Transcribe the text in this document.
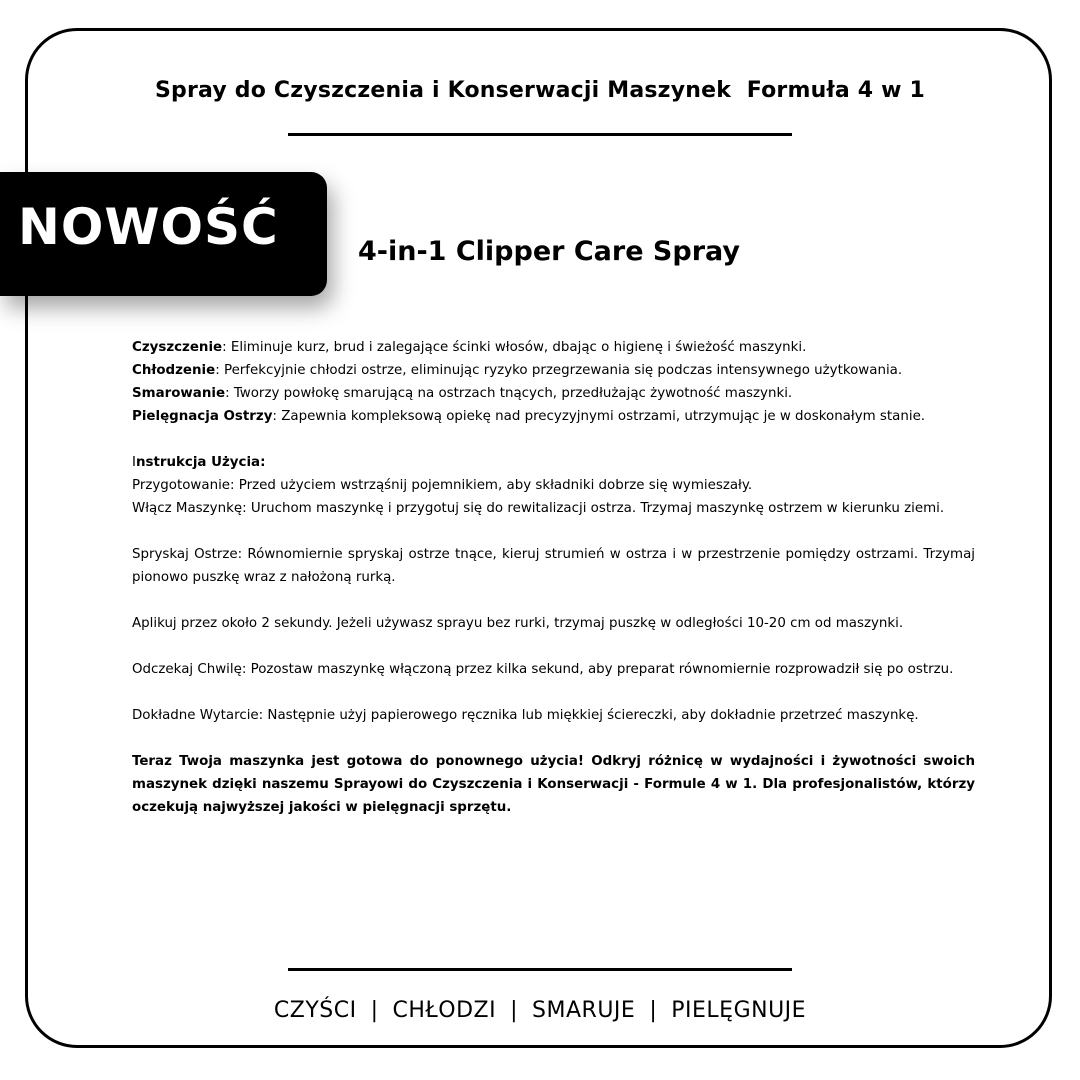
Spray do Czyszczenia i Konserwacji Maszynek  Formuła 4 w 1
NOWOŚĆ	4-in-1 Clipper Care Spray

Czyszczenie: Eliminuje kurz, brud i zalegające ścinki włosów, dbając o higienę i świeżość maszynki.

Chłodzenie: Perfekcyjnie chłodzi ostrze, eliminując ryzyko przegrzewania się podczas intensywnego użytkowania.

Smarowanie: Tworzy powłokę smarującą na ostrzach tnących, przedłużając żywotność maszynki.

Pielęgnacja Ostrzy: Zapewnia kompleksową opiekę nad precyzyjnymi ostrzami, utrzymując je w doskonałym stanie.

Instrukcja Użycia:

Przygotowanie: Przed użyciem wstrząśnij pojemnikiem, aby składniki dobrze się wymieszały.

Włącz Maszynkę: Uruchom maszynkę i przygotuj się do rewitalizacji ostrza. Trzymaj maszynkę ostrzem w kierunku ziemi.

Spryskaj Ostrze: Równomiernie spryskaj ostrze tnące, kieruj strumień w ostrza i w przestrzenie pomiędzy ostrzami. Trzymaj pionowo puszkę wraz z nałożoną rurką.

Aplikuj przez około 2 sekundy. Jeżeli używasz sprayu bez rurki, trzymaj puszkę w odległości 10-20 cm od maszynki.

Odczekaj Chwilę: Pozostaw maszynkę włączoną przez kilka sekund, aby preparat równomiernie rozprowadził się po ostrzu.

Dokładne Wytarcie: Następnie użyj papierowego ręcznika lub miękkiej ściereczki, aby dokładnie przetrzeć maszynkę.

Teraz Twoja maszynka jest gotowa do ponownego użycia! Odkryj różnicę w wydajności i żywotności swoich maszynek dzięki naszemu Sprayowi do Czyszczenia i Konserwacji - Formule 4 w 1. Dla profesjonalistów, którzy oczekują najwyższej jakości w pielęgnacji sprzętu.

CZYŚCI | CHŁODZI | SMARUJE | PIELĘGNUJE
